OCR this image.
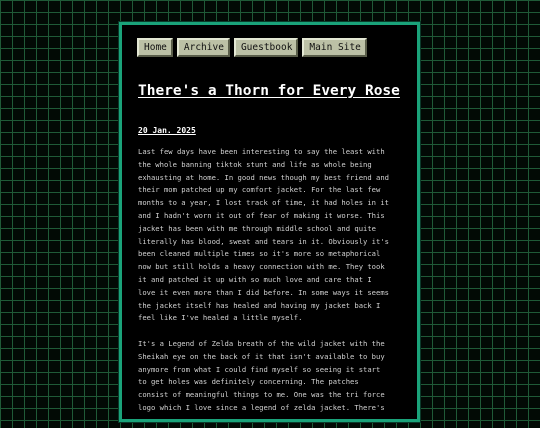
Home	Archive	Guestbook	Main Site
There's a Thorn for Every Rose
20 Jan. 2025

Last few days have been interesting to say the least with
the whole banning tiktok stunt and life as whole being
exhausting at home. In good news though my best friend and
their mom patched up my comfort jacket. For the last few
months to a year, I lost track of time, it had holes in it
and I hadn't worn it out of fear of making it worse. This
jacket has been with me through middle school and quite
literally has blood, sweat and tears in it. Obviously it's
been cleaned multiple times so it's more so metaphorical
now but still holds a heavy connection with me. They took
it and patched it up with so much love and care that I
love it even more than I did before. In some ways it seems
the jacket itself has healed and having my jacket back I
feel like I've healed a little myself.

It's a Legend of Zelda breath of the wild jacket with the
Sheikah eye on the back of it that isn't available to buy
anymore from what I could find myself so seeing it start
to get holes was definitely concerning. The patches
consist of meaningful things to me. One was the tri force
logo which I love since a legend of zelda jacket. There's
